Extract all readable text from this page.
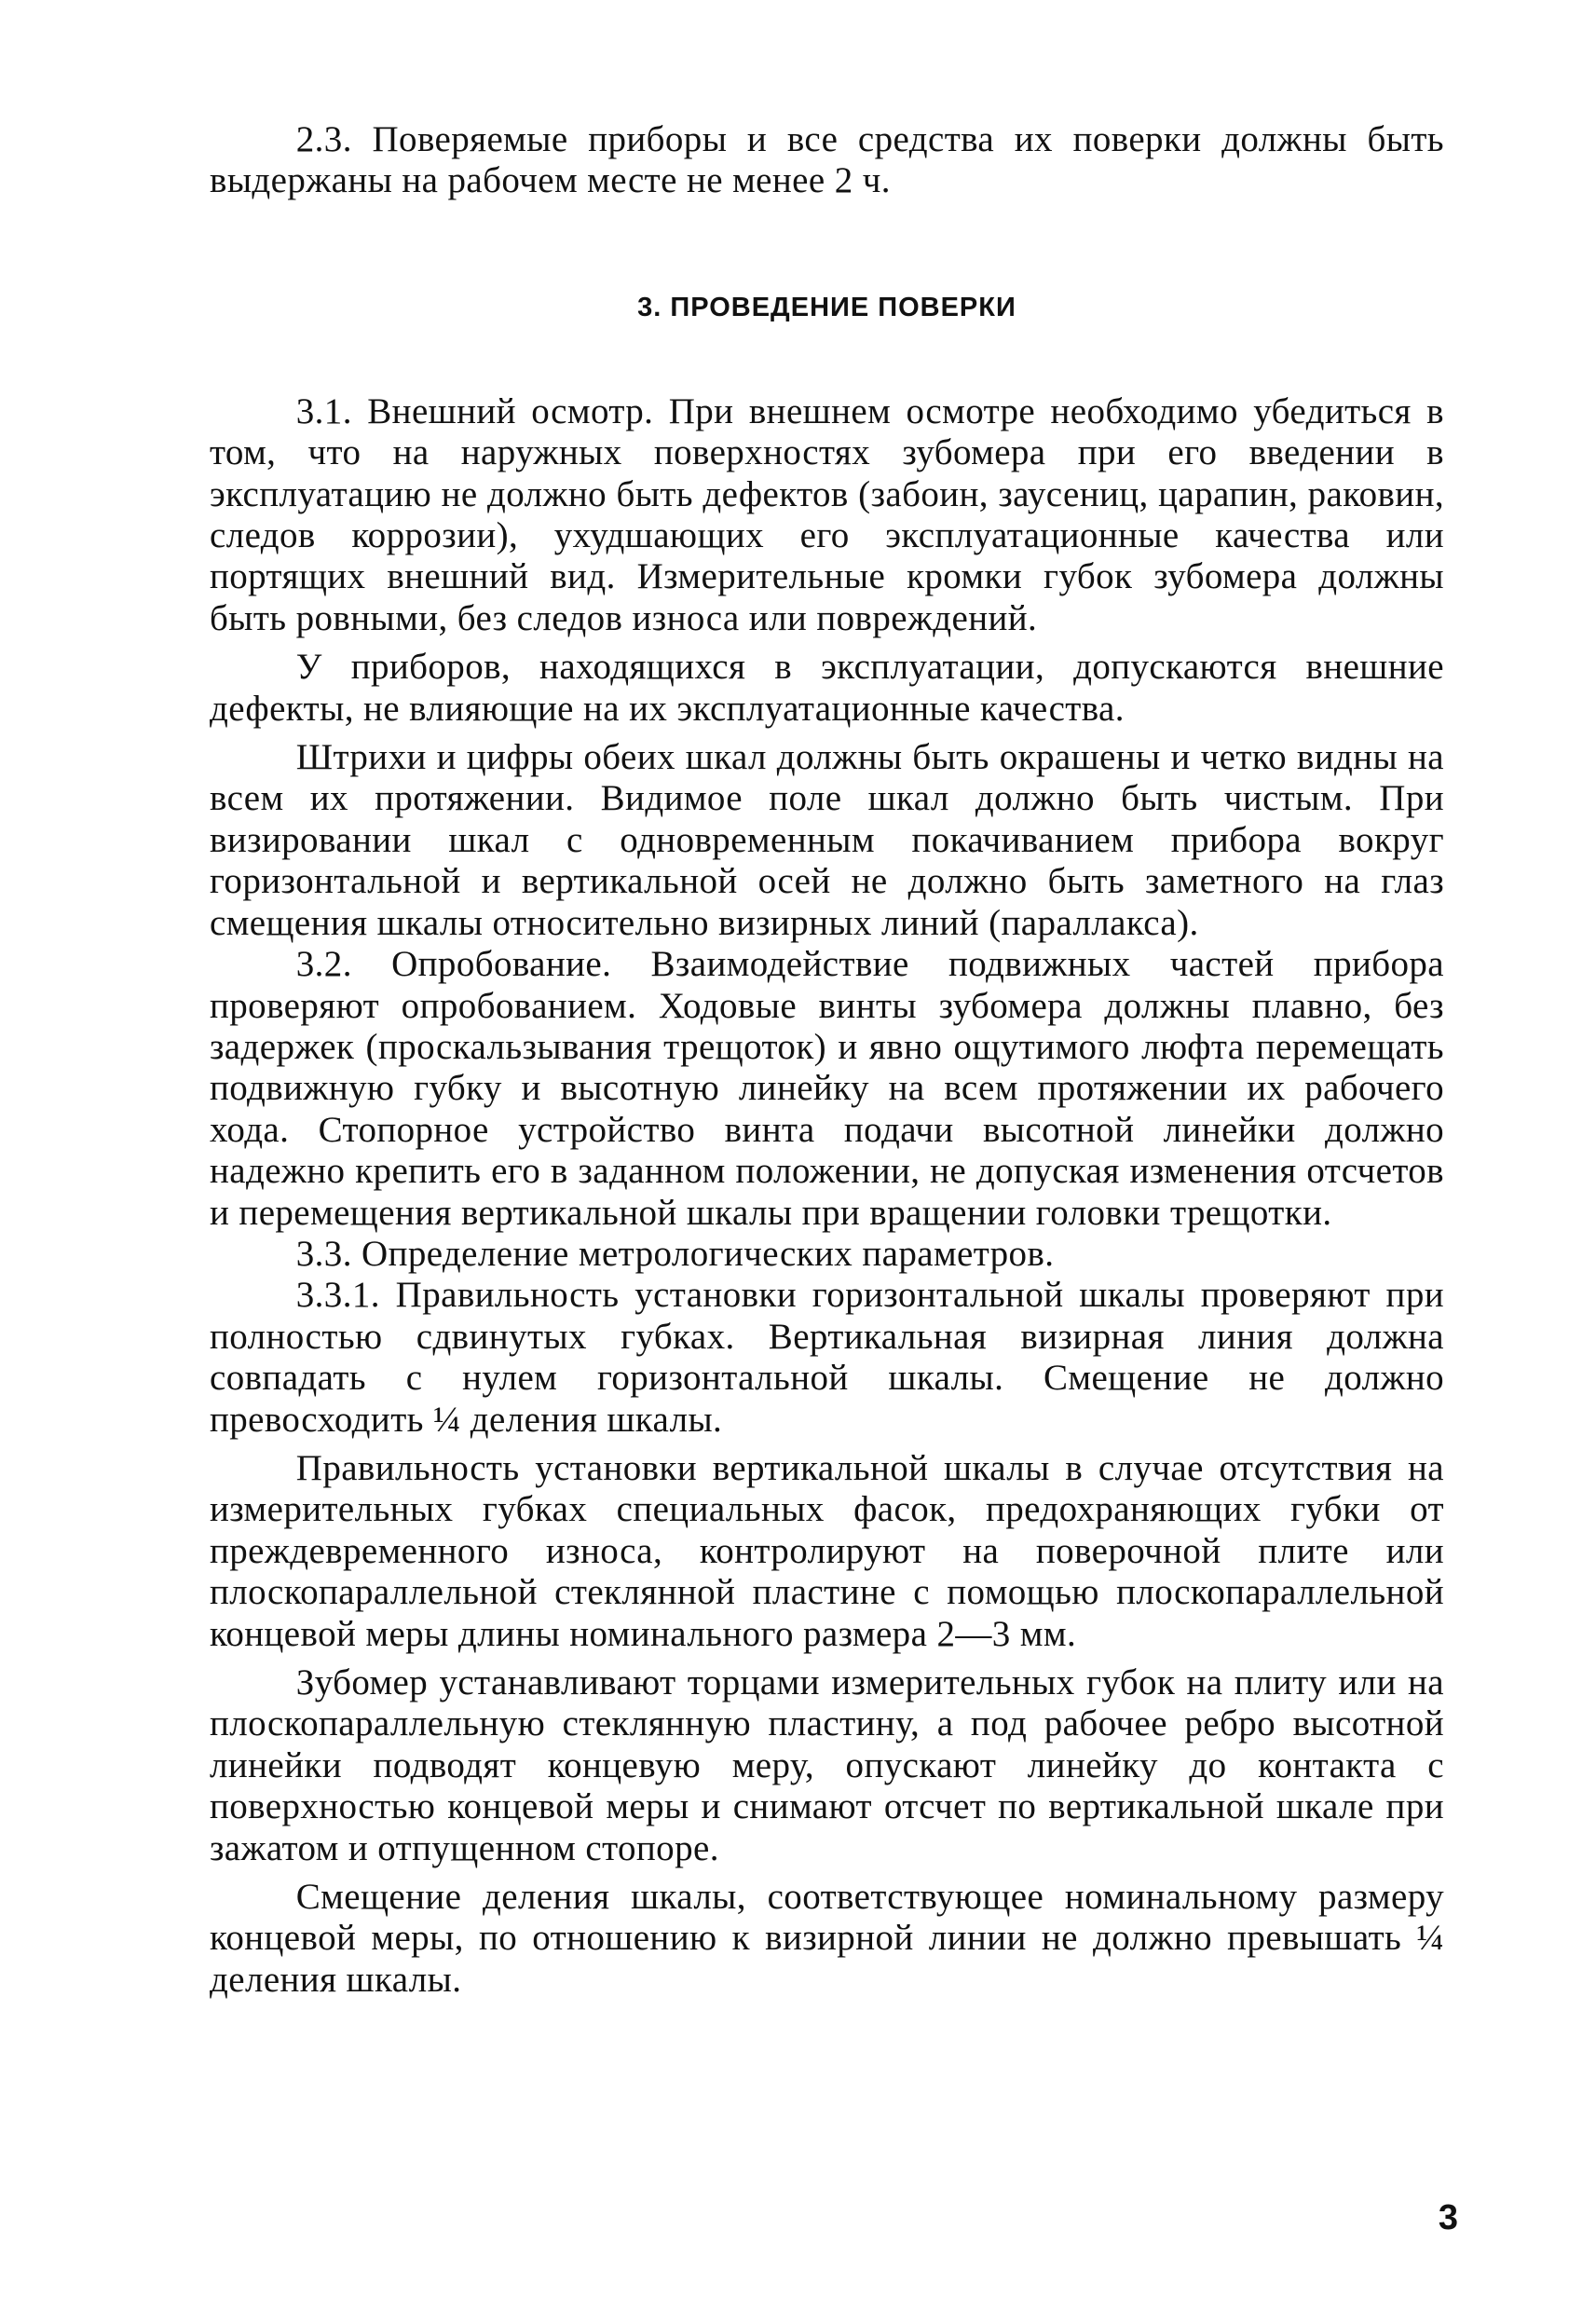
2.3. Поверяемые приборы и все средства их поверки должны быть выдержаны на рабочем месте не менее 2 ч.

3. ПРОВЕДЕНИЕ ПОВЕРКИ

3.1. Внешний осмотр. При внешнем осмотре необходимо убедиться в том, что на наружных поверхностях зубомера при его введении в эксплуатацию не должно быть дефектов (забоин, заусениц, царапин, раковин, следов коррозии), ухудшающих его эксплуатационные качества или портящих внешний вид. Измерительные кромки губок зубомера должны быть ровными, без следов износа или повреждений.

У приборов, находящихся в эксплуатации, допускаются внешние дефекты, не влияющие на их эксплуатационные качества.

Штрихи и цифры обеих шкал должны быть окрашены и четко видны на всем их протяжении. Видимое поле шкал должно быть чистым. При визировании шкал с одновременным покачиванием прибора вокруг горизонтальной и вертикальной осей не должно быть заметного на глаз смещения шкалы относительно визирных линий (параллакса).

3.2. Опробование. Взаимодействие подвижных частей прибора проверяют опробованием. Ходовые винты зубомера должны плавно, без задержек (проскальзывания трещоток) и явно ощутимого люфта перемещать подвижную губку и высотную линейку на всем протяжении их рабочего хода. Стопорное устройство винта подачи высотной линейки должно надежно крепить его в заданном положении, не допуская изменения отсчетов и перемещения вертикальной шкалы при вращении головки трещотки.

3.3. Определение метрологических параметров.

3.3.1. Правильность установки горизонтальной шкалы проверяют при полностью сдвинутых губках. Вертикальная визирная линия должна совпадать с нулем горизонтальной шкалы. Смещение не должно превосходить ¼ деления шкалы.

Правильность установки вертикальной шкалы в случае отсутствия на измерительных губках специальных фасок, предохраняющих губки от преждевременного износа, контролируют на поверочной плите или плоскопараллельной стеклянной пластине с помощью плоскопараллельной концевой меры длины номинального размера 2—3 мм.

Зубомер устанавливают торцами измерительных губок на плиту или на плоскопараллельную стеклянную пластину, а под рабочее ребро высотной линейки подводят концевую меру, опускают линейку до контакта с поверхностью концевой меры и снимают отсчет по вертикальной шкале при зажатом и отпущенном стопоре.

Смещение деления шкалы, соответствующее номинальному размеру концевой меры, по отношению к визирной линии не должно превышать ¼ деления шкалы.

3
